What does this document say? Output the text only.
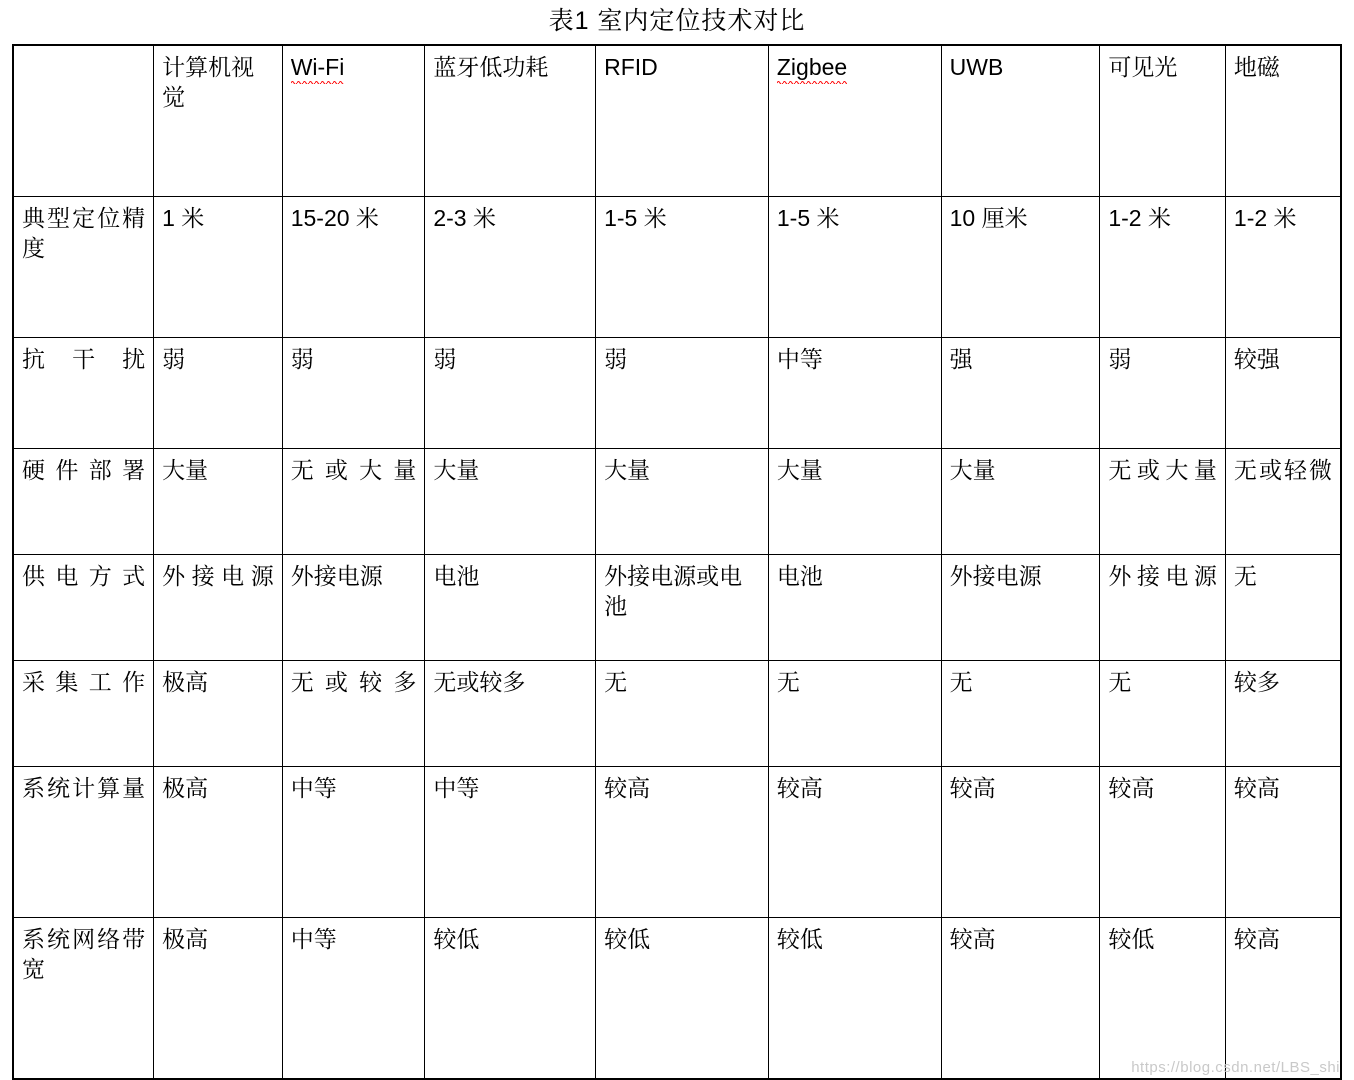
表1 室内定位技术对比
	计算机视觉	Wi-Fi	蓝牙低功耗	RFID	Zigbee	UWB	可见光	地磁

典型定位精度	1 米	15-20 米	2-3 米	1-5 米	1-5 米	10 厘米	1-2 米	1-2 米

抗干扰	弱	弱	弱	弱	中等	强	弱	较强

硬件部署	大量	无或大量	大量	大量	大量	大量	无或大量	无或轻微

供电方式	外接电源	外接电源	电池	外接电源或电池	电池	外接电源	外接电源	无

采集工作	极高	无或较多	无或较多	无	无	无	无	较多

系统计算量	极高	中等	中等	较高	较高	较高	较高	较高

系统网络带宽	极高	中等	较低	较低	较低	较高	较低	较高
https://blog.csdn.net/LBS_shi
